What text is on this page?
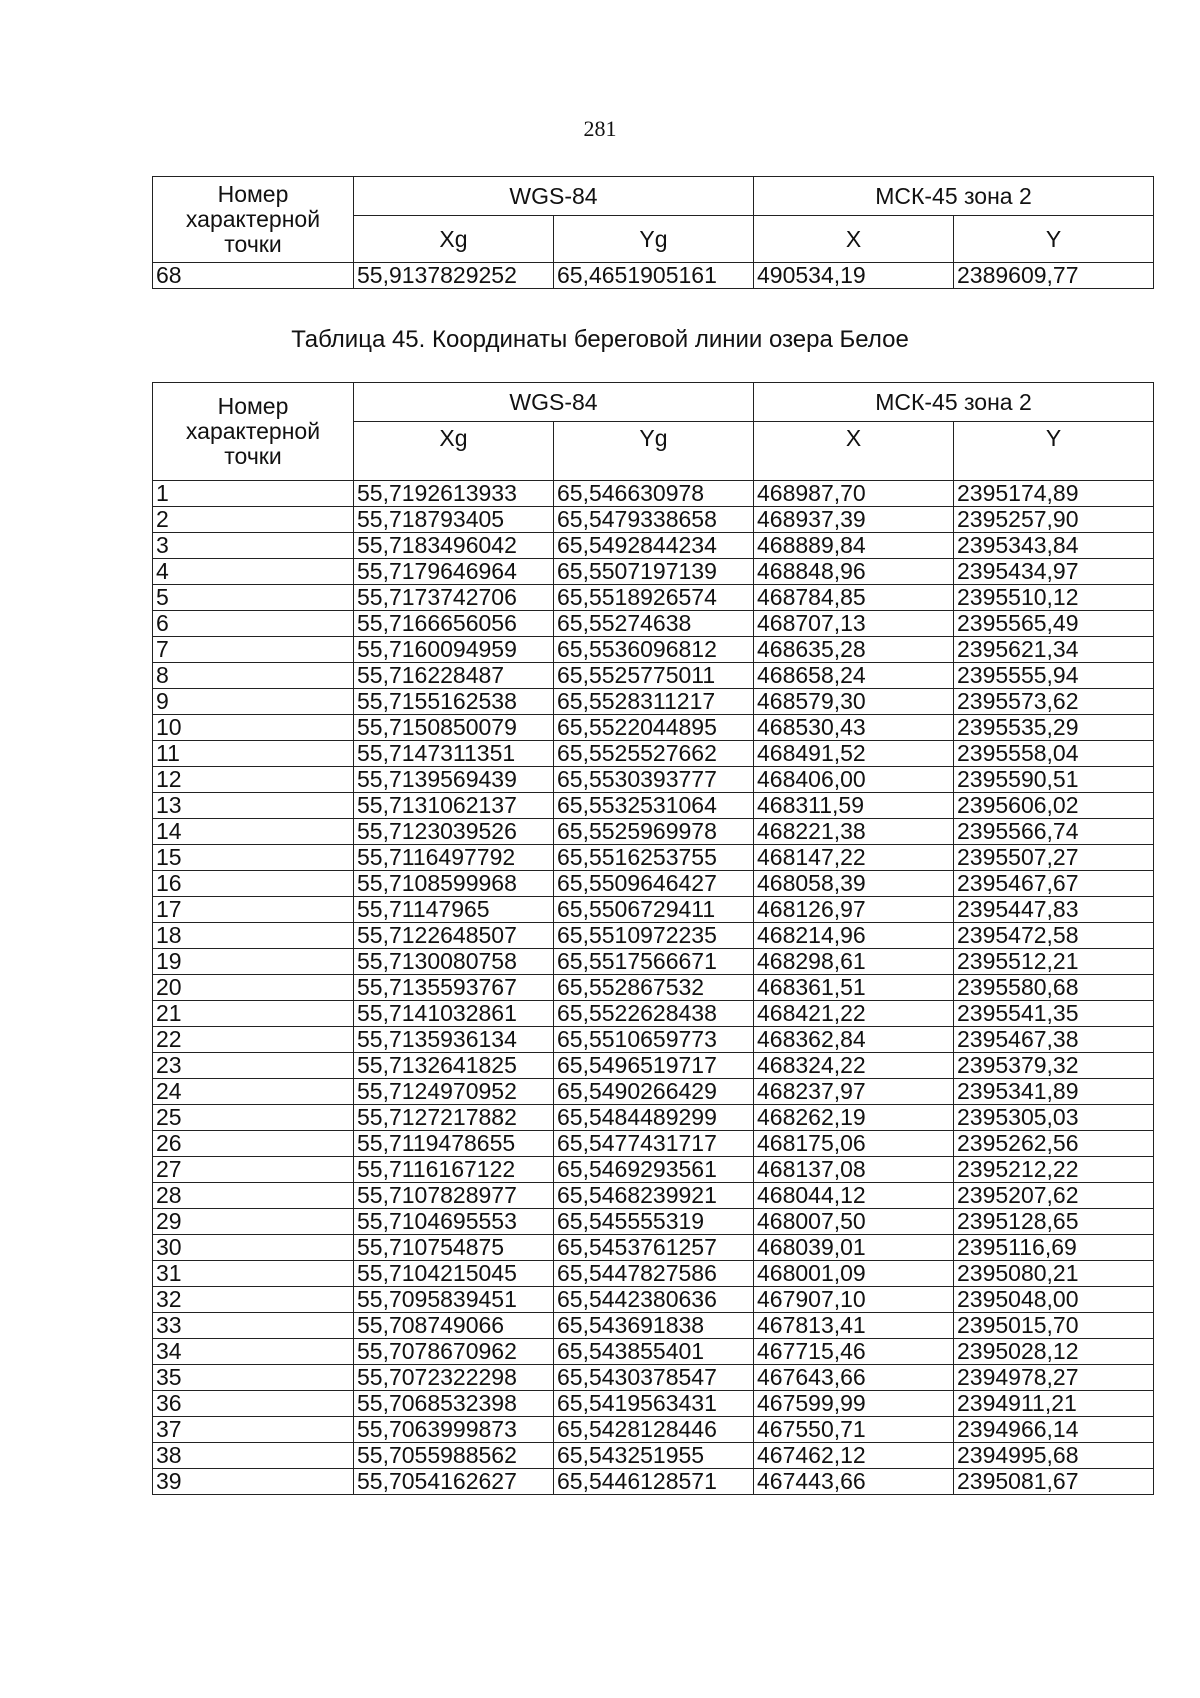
281
Номер характерной точки	WGS-84		МСК-45 зона 2	
	Xg	Yg	X	Y
68	55,9137829252	65,4651905161	490534,19	2389609,77
Таблица 45. Координаты береговой линии озера Белое
Номер характерной точки	WGS-84		МСК-45 зона 2	
	Xg	Yg	X	Y
1	55,7192613933	65,546630978	468987,70	2395174,89
2	55,718793405	65,5479338658	468937,39	2395257,90
3	55,7183496042	65,5492844234	468889,84	2395343,84
4	55,7179646964	65,5507197139	468848,96	2395434,97
5	55,7173742706	65,5518926574	468784,85	2395510,12
6	55,7166656056	65,55274638	468707,13	2395565,49
7	55,7160094959	65,5536096812	468635,28	2395621,34
8	55,716228487	65,5525775011	468658,24	2395555,94
9	55,7155162538	65,5528311217	468579,30	2395573,62
10	55,7150850079	65,5522044895	468530,43	2395535,29
11	55,7147311351	65,5525527662	468491,52	2395558,04
12	55,7139569439	65,5530393777	468406,00	2395590,51
13	55,7131062137	65,5532531064	468311,59	2395606,02
14	55,7123039526	65,5525969978	468221,38	2395566,74
15	55,7116497792	65,5516253755	468147,22	2395507,27
16	55,7108599968	65,5509646427	468058,39	2395467,67
17	55,71147965	65,5506729411	468126,97	2395447,83
18	55,7122648507	65,5510972235	468214,96	2395472,58
19	55,7130080758	65,5517566671	468298,61	2395512,21
20	55,7135593767	65,552867532	468361,51	2395580,68
21	55,7141032861	65,5522628438	468421,22	2395541,35
22	55,7135936134	65,5510659773	468362,84	2395467,38
23	55,7132641825	65,5496519717	468324,22	2395379,32
24	55,7124970952	65,5490266429	468237,97	2395341,89
25	55,7127217882	65,5484489299	468262,19	2395305,03
26	55,7119478655	65,5477431717	468175,06	2395262,56
27	55,7116167122	65,5469293561	468137,08	2395212,22
28	55,7107828977	65,5468239921	468044,12	2395207,62
29	55,7104695553	65,545555319	468007,50	2395128,65
30	55,710754875	65,5453761257	468039,01	2395116,69
31	55,7104215045	65,5447827586	468001,09	2395080,21
32	55,7095839451	65,5442380636	467907,10	2395048,00
33	55,708749066	65,543691838	467813,41	2395015,70
34	55,7078670962	65,543855401	467715,46	2395028,12
35	55,7072322298	65,5430378547	467643,66	2394978,27
36	55,7068532398	65,5419563431	467599,99	2394911,21
37	55,7063999873	65,5428128446	467550,71	2394966,14
38	55,7055988562	65,543251955	467462,12	2394995,68
39	55,7054162627	65,5446128571	467443,66	2395081,67
